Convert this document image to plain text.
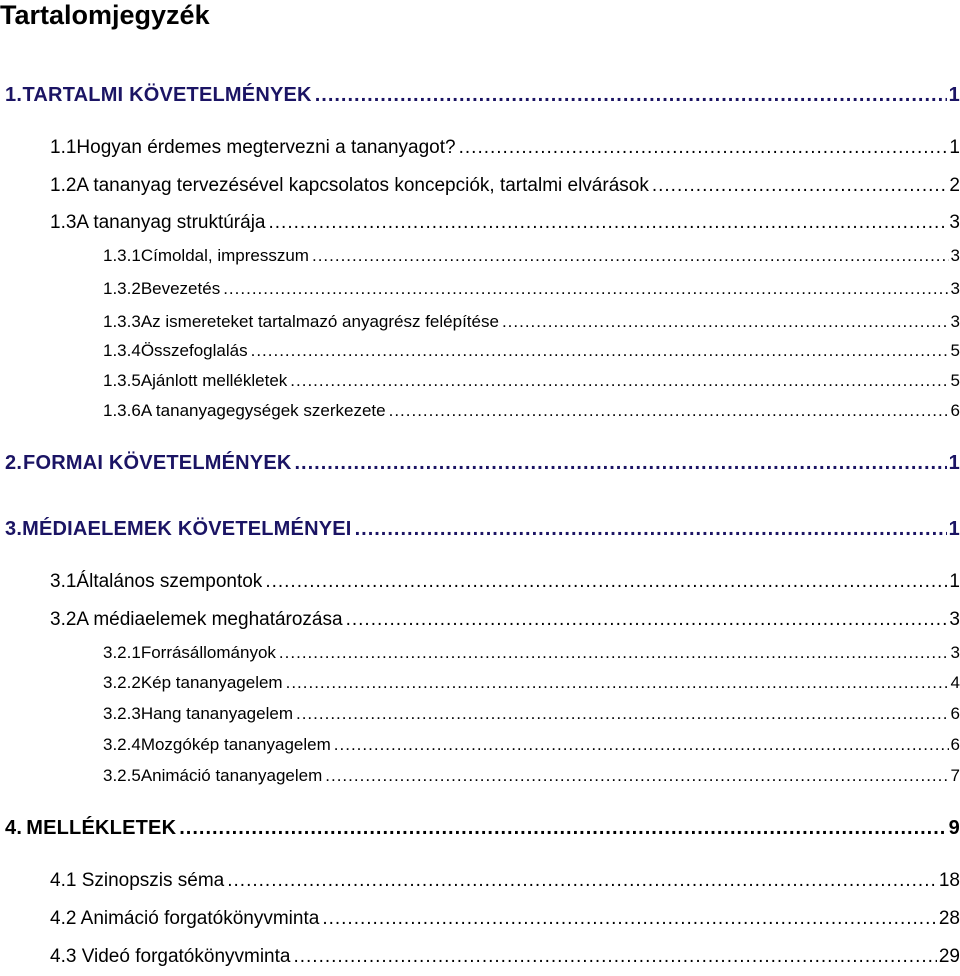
Tartalomjegyzék
1. TARTALMI KÖVETELMÉNYEK .....	1
1.1 Hogyan érdemes megtervezni a tananyagot? .....	1
1.2 A tananyag tervezésével kapcsolatos koncepciók, tartalmi elvárások .....	2
1.3 A tananyag struktúrája .....	3
1.3.1 Címoldal, impresszum .....	3
1.3.2 Bevezetés .....	3
1.3.3 Az ismereteket tartalmazó anyagrész felépítése .....	3
1.3.4 Összefoglalás .....	5
1.3.5 Ajánlott mellékletek .....	5
1.3.6 A tananyagegységek szerkezete .....	6
2. FORMAI KÖVETELMÉNYEK .....	1
3. MÉDIAELEMEK KÖVETELMÉNYEI .....	1
3.1 Általános szempontok .....	1
3.2 A médiaelemek meghatározása .....	3
3.2.1 Forrásállományok .....	3
3.2.2 Kép tananyagelem .....	4
3.2.3 Hang tananyagelem .....	6
3.2.4 Mozgókép tananyagelem .....	6
3.2.5 Animáció tananyagelem .....	7
4. MELLÉKLETEK .....	9
4.1 Szinopszis séma .....	18
4.2 Animáció forgatókönyvminta .....	28
4.3 Videó forgatókönyvminta .....	29
